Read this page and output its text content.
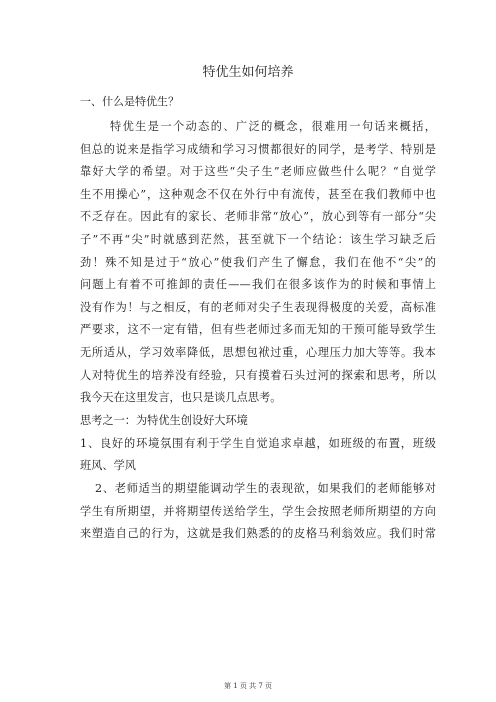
特优生如何培养
一、什么是特优生？
特优生是一个动态的、广泛的概念，很难用一句话来概括，
但总的说来是指学习成绩和学习习惯都很好的同学，是考学、特别是
靠好大学的希望。对于这些“尖子生”老师应做些什么呢？“自觉学
生不用操心”，这种观念不仅在外行中有流传，甚至在我们教师中也
不乏存在。因此有的家长、老师非常“放心”，放心到等有一部分“尖
子”不再“尖”时就感到茫然，甚至就下一个结论：该生学习缺乏后
劲！殊不知是过于“放心”使我们产生了懈怠，我们在他不“尖”的
问题上有着不可推卸的责任——我们在很多该作为的时候和事情上
没有作为！与之相反，有的老师对尖子生表现得极度的关爱，高标准
严要求，这不一定有错，但有些老师过多而无知的干预可能导致学生
无所适从，学习效率降低，思想包袱过重，心理压力加大等等。我本
人对特优生的培养没有经验，只有摸着石头过河的探索和思考，所以
我今天在这里发言，也只是谈几点思考。
思考之一：为特优生创设好大环境
1、良好的环境氛围有利于学生自觉追求卓越，如班级的布置，班级
班风、学风
2、老师适当的期望能调动学生的表现欲，如果我们的老师能够对
学生有所期望，并将期望传送给学生，学生会按照老师所期望的方向
来塑造自己的行为，这就是我们熟悉的的皮格马利翁效应。我们时常
第 1 页 共 7 页
